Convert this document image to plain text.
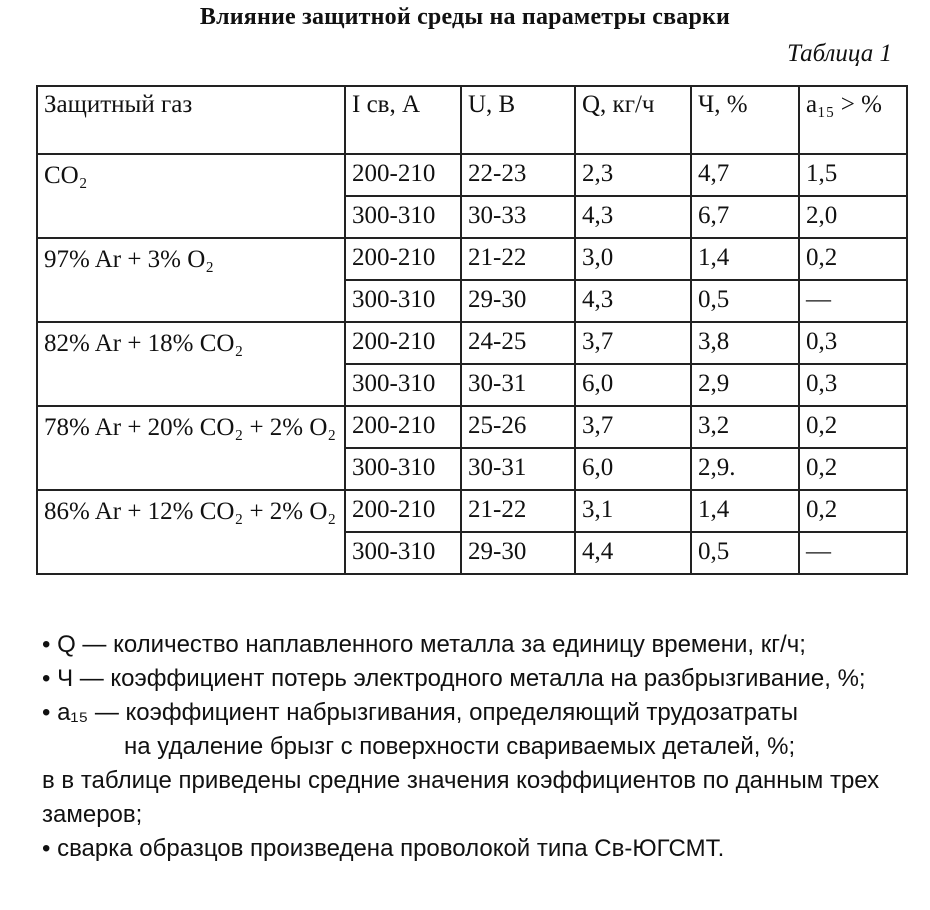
Влияние защитной среды на параметры сварки
Таблица 1
Защитный газ	I св, А	U, В	Q, кг/ч	Ч, %	a₁₅ > %
CO₂	200-210	22-23	2,3	4,7	1,5
	300-310	30-33	4,3	6,7	2,0
97% Ar + 3% O₂	200-210	21-22	3,0	1,4	0,2
	300-310	29-30	4,3	0,5	—
82% Ar + 18% CO₂	200-210	24-25	3,7	3,8	0,3
	300-310	30-31	6,0	2,9	0,3
78% Ar + 20% CO₂ + 2% O₂	200-210	25-26	3,7	3,2	0,2
	300-310	30-31	6,0	2,9.	0,2
86% Ar + 12% CO₂ + 2% O₂	200-210	21-22	3,1	1,4	0,2
	300-310	29-30	4,4	0,5	—

• Q — количество наплавленного металла за единицу времени, кг/ч;

• Ч — коэффициент потерь электродного металла на разбрызгивание, %;

• a₁₅ — коэффициент набрызгивания, определяющий трудозатраты

на удаление брызг с поверхности свариваемых деталей, %;

в в таблице приведены средние значения коэффициентов по данным трех замеров;

• сварка образцов произведена проволокой типа Св-ЮГСМТ.
